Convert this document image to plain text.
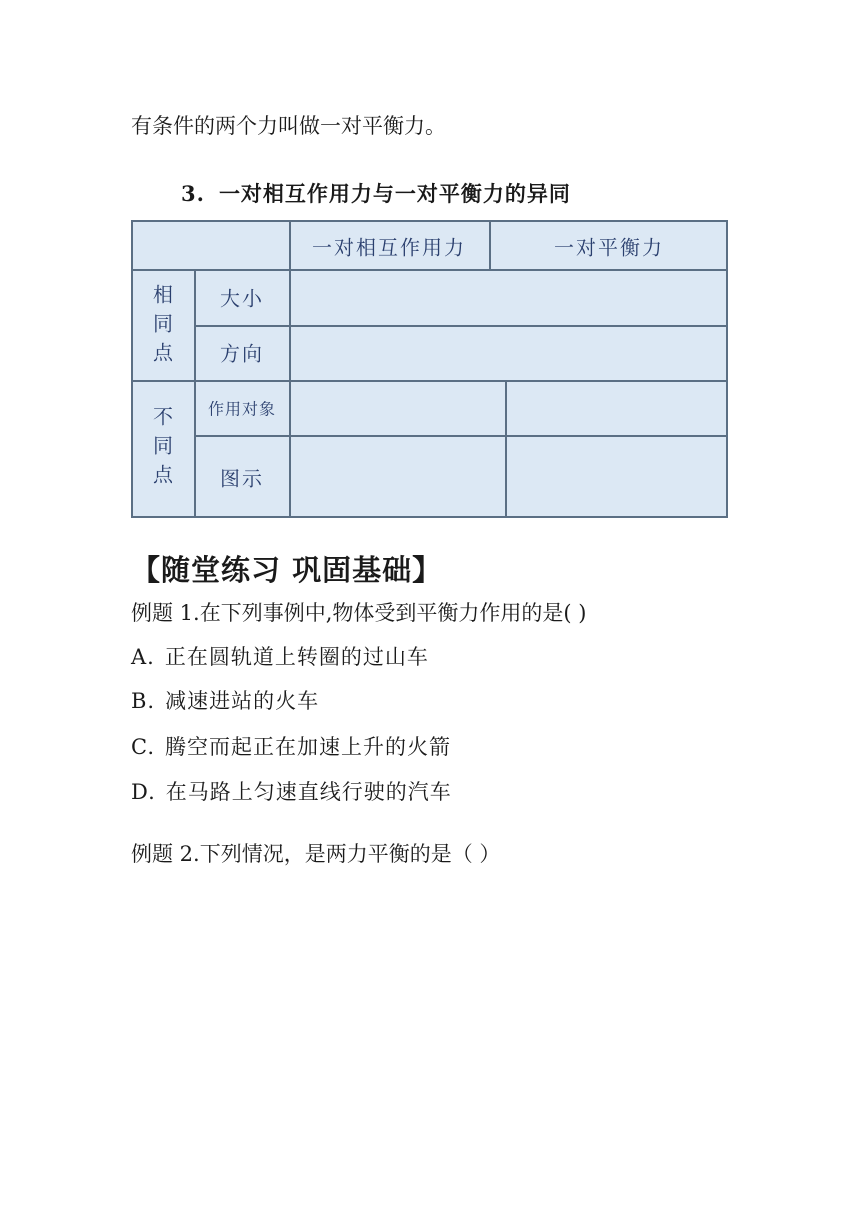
有条件的两个力叫做一对平衡力。
3. 一对相互作用力与一对平衡力的异同
一对相互作用力	一对平衡力
相同点
大小
方向
不同点
作用对象
图示
【随堂练习 巩固基础】
例题 1.在下列事例中,物体受到平衡力作用的是( )
A. 正在圆轨道上转圈的过山车
B. 减速进站的火车
C. 腾空而起正在加速上升的火箭
D. 在马路上匀速直线行驶的汽车
例题 2.下列情况，是两力平衡的是（ ）
